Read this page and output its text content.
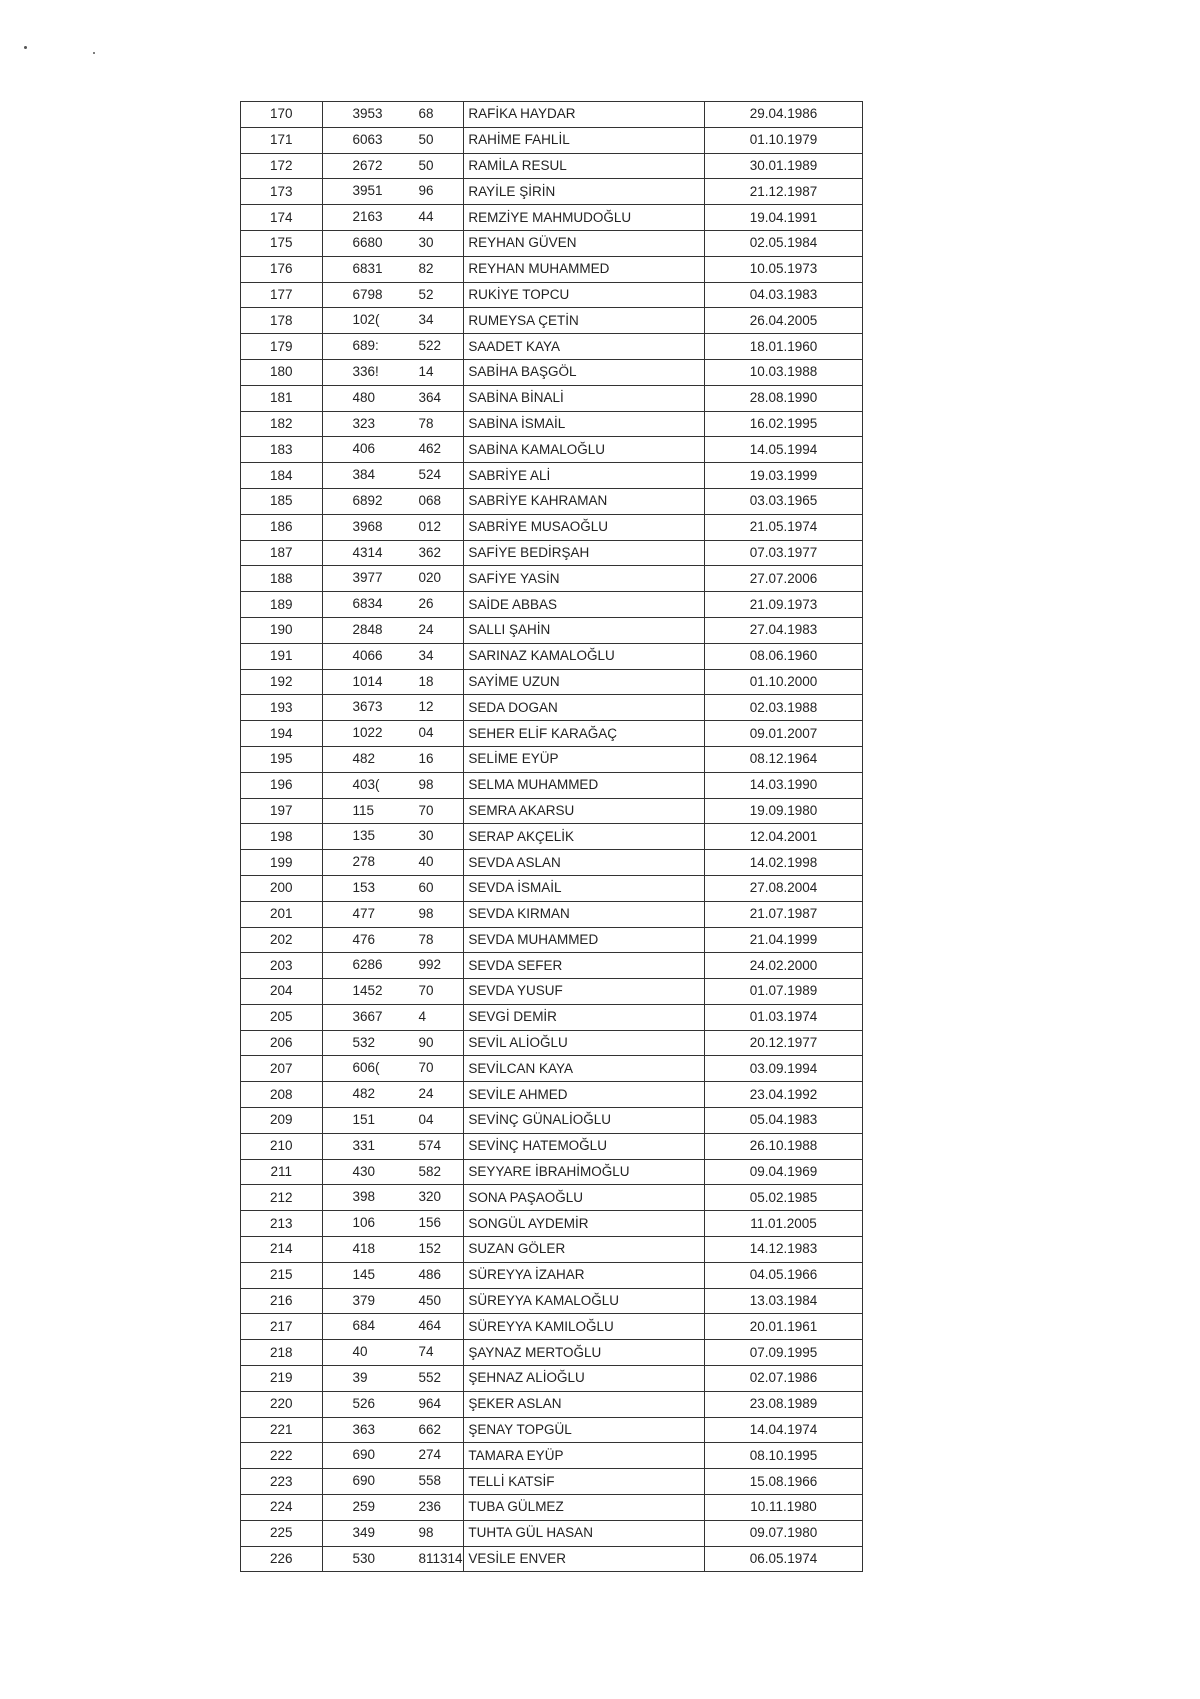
170	3953 68	RAFİKA HAYDAR	29.04.1986
171	6063 50	RAHİME FAHLİL	01.10.1979
172	2672 50	RAMİLA RESUL	30.01.1989
173	3951 96	RAYİLE ŞİRİN	21.12.1987
174	2163 44	REMZİYE MAHMUDOĞLU	19.04.1991
175	6680 30	REYHAN GÜVEN	02.05.1984
176	6831 82	REYHAN MUHAMMED	10.05.1973
177	6798 52	RUKİYE TOPCU	04.03.1983
178	102( 34	RUMEYSA ÇETİN	26.04.2005
179	689: 522	SAADET KAYA	18.01.1960
180	336! 14	SABİHA BAŞGÖL	10.03.1988
181	480 364	SABİNA BİNALİ	28.08.1990
182	323 78	SABİNA İSMAİL	16.02.1995
183	406 462	SABİNA KAMALOĞLU	14.05.1994
184	384 524	SABRİYE ALİ	19.03.1999
185	6892 068	SABRİYE KAHRAMAN	03.03.1965
186	3968 012	SABRİYE MUSAOĞLU	21.05.1974
187	4314 362	SAFİYE BEDİRŞAH	07.03.1977
188	3977 020	SAFİYE YASİN	27.07.2006
189	6834 26	SAİDE ABBAS	21.09.1973
190	2848 24	SALLI ŞAHİN	27.04.1983
191	4066 34	SARINAZ KAMALOĞLU	08.06.1960
192	1014 18	SAYİME UZUN	01.10.2000
193	3673 12	SEDA DOGAN	02.03.1988
194	1022 04	SEHER ELİF KARAĞAÇ	09.01.2007
195	482 16	SELİME EYÜP	08.12.1964
196	403( 98	SELMA MUHAMMED	14.03.1990
197	115 70	SEMRA AKARSU	19.09.1980
198	135 30	SERAP AKÇELİK	12.04.2001
199	278 40	SEVDA ASLAN	14.02.1998
200	153 60	SEVDA İSMAİL	27.08.2004
201	477 98	SEVDA KIRMAN	21.07.1987
202	476 78	SEVDA MUHAMMED	21.04.1999
203	6286 992	SEVDA SEFER	24.02.2000
204	1452 70	SEVDA YUSUF	01.07.1989
205	3667 4	SEVGİ DEMİR	01.03.1974
206	532 90	SEVİL ALİOĞLU	20.12.1977
207	606( 70	SEVİLCAN KAYA	03.09.1994
208	482 24	SEVİLE AHMED	23.04.1992
209	151 04	SEVİNÇ GÜNALİOĞLU	05.04.1983
210	331 574	SEVİNÇ HATEMOĞLU	26.10.1988
211	430 582	SEYYARE İBRAHİMOĞLU	09.04.1969
212	398 320	SONA PAŞAOĞLU	05.02.1985
213	106 156	SONGÜL AYDEMİR	11.01.2005
214	418 152	SUZAN GÖLER	14.12.1983
215	145 486	SÜREYYA İZAHAR	04.05.1966
216	379 450	SÜREYYA KAMALOĞLU	13.03.1984
217	684 464	SÜREYYA KAMILOĞLU	20.01.1961
218	40 74	ŞAYNAZ MERTOĞLU	07.09.1995
219	39 552	ŞEHNAZ ALİOĞLU	02.07.1986
220	526 964	ŞEKER ASLAN	23.08.1989
221	363 662	ŞENAY TOPGÜL	14.04.1974
222	690 274	TAMARA EYÜP	08.10.1995
223	690 558	TELLİ KATSİF	15.08.1966
224	259 236	TUBA GÜLMEZ	10.11.1980
225	349 98	TUHTA GÜL HASAN	09.07.1980
226	530 811314	VESİLE ENVER	06.05.1974
